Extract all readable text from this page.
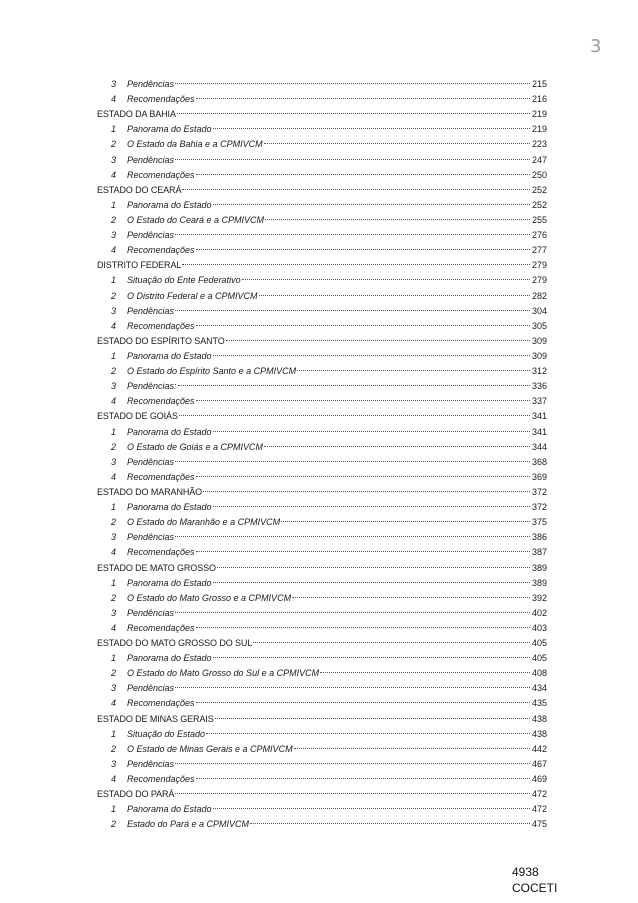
3
3	Pendências	215
4	Recomendações	216
ESTADO DA BAHIA	219
1	Panorama do Estado	219
2	O Estado da Bahia e a CPMIVCM	223
3	Pendências	247
4	Recomendações	250
ESTADO DO CEARÁ	252
1	Panorama do Estado	252
2	O Estado do Ceará e a CPMIVCM	255
3	Pendências	276
4	Recomendações	277
DISTRITO FEDERAL	279
1	Situação do Ente Federativo	279
2	O Distrito Federal e a CPMIVCM	282
3	Pendências	304
4	Recomendações	305
ESTADO DO ESPÍRITO SANTO	309
1	Panorama do Estado	309
2	O Estado do Espírito Santo e a CPMIVCM	312
3	Pendências:	336
4	Recomendações	337
ESTADO DE GOIÁS	341
1	Panorama do Estado	341
2	O Estado de Goiás e a CPMIVCM	344
3	Pendências	368
4	Recomendações	369
ESTADO DO MARANHÃO	372
1	Panorama do Estado	372
2	O Estado do Maranhão e a CPMIVCM	375
3	Pendências	386
4	Recomendações	387
ESTADO DE MATO GROSSO	389
1	Panorama do Estado	389
2	O Estado do Mato Grosso e a CPMIVCM	392
3	Pendências	402
4	Recomendações	403
ESTADO DO MATO GROSSO DO SUL	405
1	Panorama do Estado	405
2	O Estado do Mato Grosso do Sul e a CPMIVCM	408
3	Pendências	434
4	Recomendações	435
ESTADO DE MINAS GERAIS	438
1	Situação do Estado	438
2	O Estado de Minas Gerais e a CPMIVCM	442
3	Pendências	467
4	Recomendações	469
ESTADO DO PARÁ	472
1	Panorama do Estado	472
2	Estado do Pará e a CPMIVCM	475
4938
COCETI
